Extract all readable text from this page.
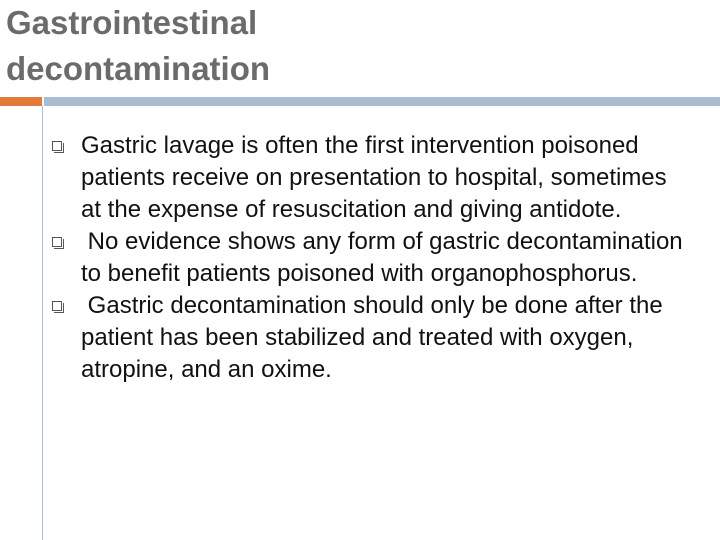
Gastrointestinal
decontamination
Gastric lavage is often the first intervention poisoned patients receive on presentation to hospital, sometimes at the expense of resuscitation and giving antidote.
No evidence shows any form of gastric decontamination to benefit patients poisoned with organophosphorus.
Gastric decontamination should only be done after the patient has been stabilized and treated with oxygen, atropine, and an oxime.
